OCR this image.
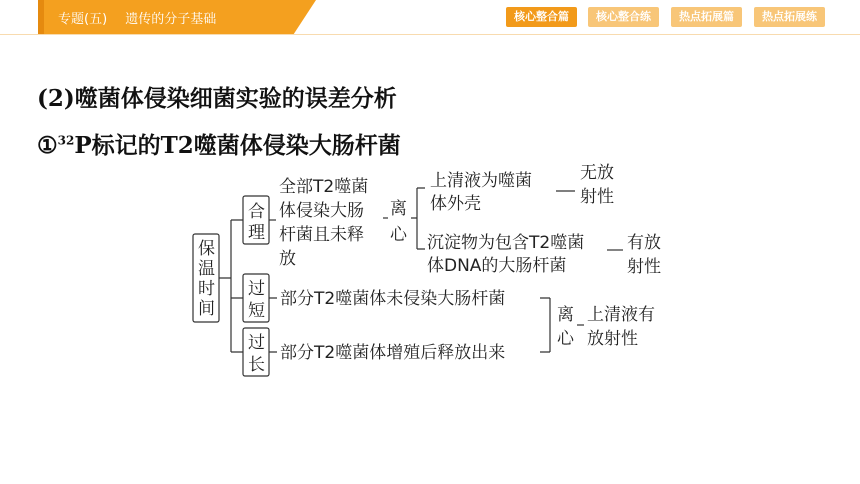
专题(五) 遗传的分子基础	核心整合篇	核心整合练	热点拓展篇	热点拓展练
(2)噬菌体侵染细菌实验的误差分析
①$^{32}$P标记的T2噬菌体侵染大肠杆菌
保
温
时
间
合
理
过
短
过
长
全部T2噬菌
体侵染大肠
杆菌且未释
放
离
心
上清液为噬菌
体外壳
无放
射性
沉淀物为包含T2噬菌
体DNA的大肠杆菌
有放
射性
部分T2噬菌体未侵染大肠杆菌
部分T2噬菌体增殖后释放出来
离
心
上清液有
放射性
